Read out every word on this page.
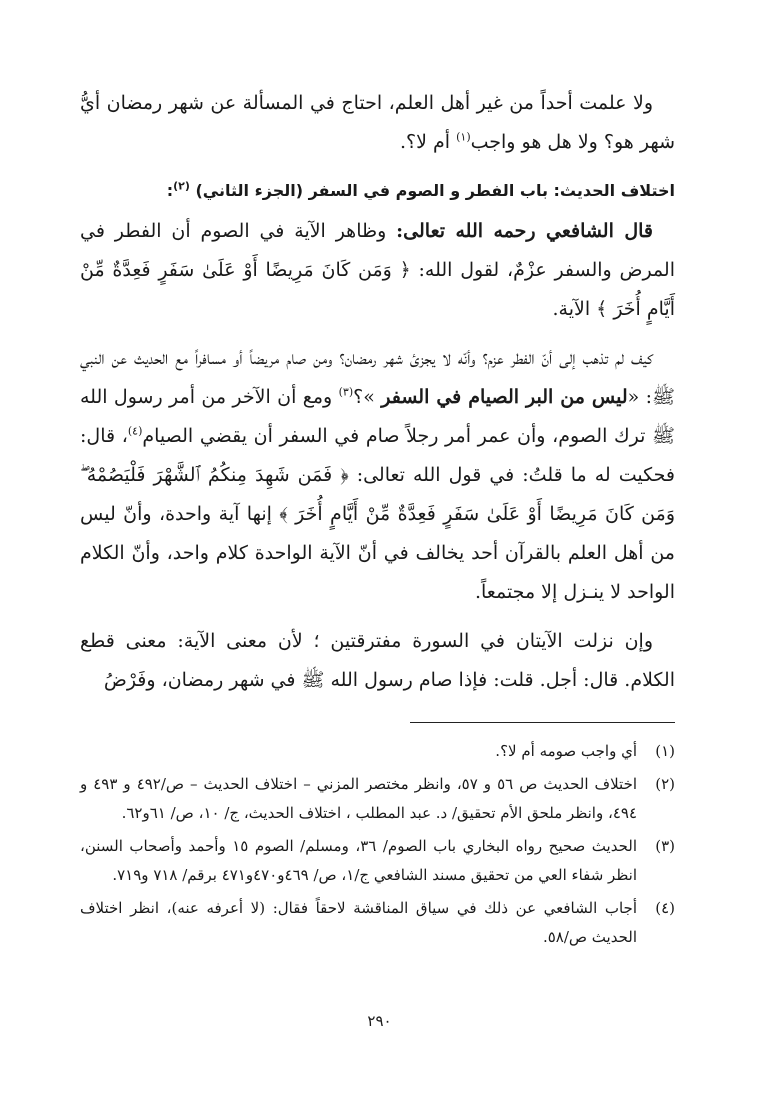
ولا علمت أحداً من غير أهل العلم، احتاج في المسألة عن شهر رمضان أيُّ شهر هو؟ ولا هل هو واجب$^{(١)}$ أم لا؟.

اختلاف الحديث: باب الفطر و الصوم في السفر (الجزء الثاني) $^{(٢)}$:

قال الشافعي رحمه الله تعالى: وظاهر الآية في الصوم أن الفطر في المرض والسفر عزْمٌ، لقول الله: ﴿ وَمَن كَانَ مَرِيضًا أَوْ عَلَىٰ سَفَرٍ فَعِدَّةٌ مِّنْ أَيَّامٍ أُخَرَ ﴾ الآية.

كيف لم تذهب إلى أنّ الفطر عزم؟ وأنّه لا يجزئ شهر رمضان؟ ومن صام مريضاً أو مسافراً مع الحديث عن النبي ﷺ: «ليس من البر الصيام في السفر »؟$^{(٣)}$ ومع أن الآخر من أمر رسول الله ﷺ ترك الصوم، وأن عمر أمر رجلاً صام في السفر أن يقضي الصيام$^{(٤)}$، قال: فحكيت له ما قلتُ: في قول الله تعالى: ﴿ فَمَن شَهِدَ مِنكُمُ ٱلشَّهْرَ فَلْيَصُمْهُ ۖ وَمَن كَانَ مَرِيضًا أَوْ عَلَىٰ سَفَرٍ فَعِدَّةٌ مِّنْ أَيَّامٍ أُخَرَ ﴾ إنها آية واحدة، وأنّ ليس من أهل العلم بالقرآن أحد يخالف في أنّ الآية الواحدة كلام واحد، وأنّ الكلام الواحد لا ينـزل إلا مجتمعاً.

وإن نزلت الآيتان في السورة مفترقتين ؛ لأن معنى الآية: معنى قطع الكلام. قال: أجل. قلت: فإذا صام رسول الله ﷺ في شهر رمضان، وفَرْضُ

(١)
أي واجب صومه أم لا؟.
(٢)
اختلاف الحديث ص ٥٦ و ٥٧، وانظر مختصر المزني – اختلاف الحديث – ص/٤٩٢ و ٤٩٣ و ٤٩٤، وانظر ملحق الأم تحقيق/ د. عبد المطلب ، اختلاف الحديث، ج/ ١٠، ص/ ٦١و٦٢.
(٣)
الحديث صحيح رواه البخاري باب الصوم/ ٣٦، ومسلم/ الصوم ١٥ وأحمد وأصحاب السنن، انظر شفاء العي من تحقيق مسند الشافعي ج/١، ص/ ٤٦٩و٤٧٠و٤٧١ برقم/ ٧١٨ و٧١٩.
(٤)
أجاب الشافعي عن ذلك في سياق المناقشة لاحقاً فقال: (لا أعرفه عنه)، انظر اختلاف الحديث ص/٥٨.
٢٩٠
